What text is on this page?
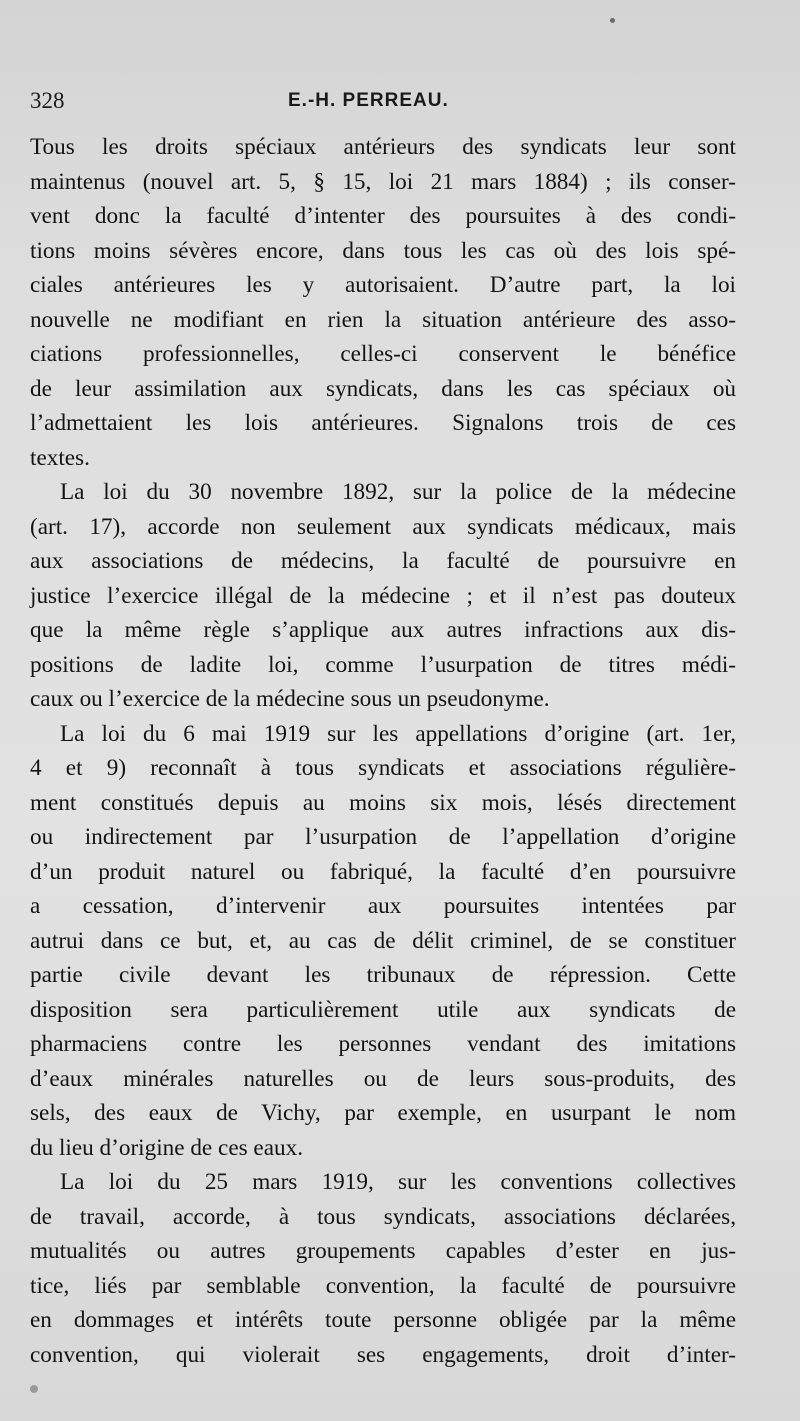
328	E.-H. PERREAU.

Tous les droits spéciaux antérieurs des syndicats leur sont
maintenus (nouvel art. 5, § 15, loi 21 mars 1884) ; ils conser-
vent donc la faculté d’intenter des poursuites à des condi-
tions moins sévères encore, dans tous les cas où des lois spé-
ciales antérieures les y autorisaient. D’autre part, la loi
nouvelle ne modifiant en rien la situation antérieure des asso-
ciations professionnelles, celles-ci conservent le bénéfice
de leur assimilation aux syndicats, dans les cas spéciaux où
l’admettaient les lois antérieures. Signalons trois de ces
textes.

La loi du 30 novembre 1892, sur la police de la médecine
(art. 17), accorde non seulement aux syndicats médicaux, mais
aux associations de médecins, la faculté de poursuivre en
justice l’exercice illégal de la médecine ; et il n’est pas douteux
que la même règle s’applique aux autres infractions aux dis-
positions de ladite loi, comme l’usurpation de titres médi-
caux ou l’exercice de la médecine sous un pseudonyme.

La loi du 6 mai 1919 sur les appellations d’origine (art. 1er,
4 et 9) reconnaît à tous syndicats et associations régulière-
ment constitués depuis au moins six mois, lésés directement
ou indirectement par l’usurpation de l’appellation d’origine
d’un produit naturel ou fabriqué, la faculté d’en poursuivre
a cessation, d’intervenir aux poursuites intentées par
autrui dans ce but, et, au cas de délit criminel, de se constituer
partie civile devant les tribunaux de répression. Cette
disposition sera particulièrement utile aux syndicats de
pharmaciens contre les personnes vendant des imitations
d’eaux minérales naturelles ou de leurs sous-produits, des
sels, des eaux de Vichy, par exemple, en usurpant le nom
du lieu d’origine de ces eaux.

La loi du 25 mars 1919, sur les conventions collectives
de travail, accorde, à tous syndicats, associations déclarées,
mutualités ou autres groupements capables d’ester en jus-
tice, liés par semblable convention, la faculté de poursuivre
en dommages et intérêts toute personne obligée par la même
convention, qui violerait ses engagements, droit d’inter-
